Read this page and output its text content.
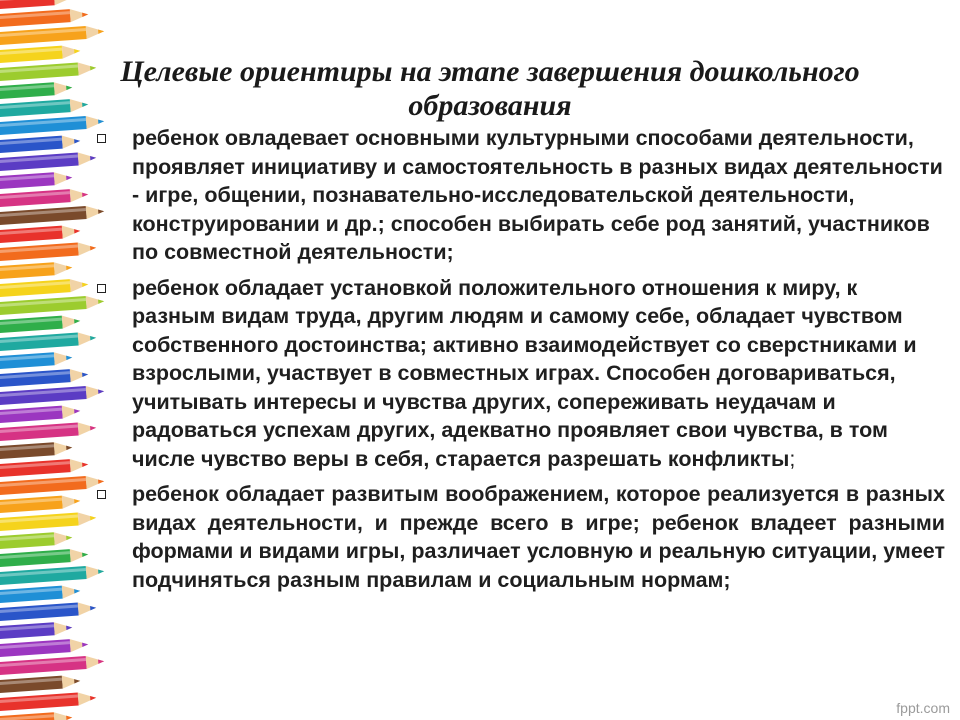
Целевые ориентиры на этапе завершения дошкольного образования
ребенок овладевает основными культурными способами деятельности, проявляет инициативу и самостоятельность в разных видах деятельности - игре, общении, познавательно-исследовательской деятельности, конструировании и др.; способен выбирать себе род занятий, участников по совместной деятельности;
ребенок обладает установкой положительного отношения к миру, к разным видам труда, другим людям и самому себе, обладает чувством собственного достоинства; активно взаимодействует со сверстниками и взрослыми, участвует в совместных играх. Способен договариваться, учитывать интересы и чувства других, сопереживать неудачам и радоваться успехам других, адекватно проявляет свои чувства, в том числе чувство веры в себя, старается разрешать конфликты;
ребенок обладает развитым воображением, которое реализуется в разных видах деятельности, и прежде всего в игре; ребенок владеет разными формами и видами игры, различает условную и реальную ситуации, умеет подчиняться разным правилам и социальным нормам;
fppt.com
